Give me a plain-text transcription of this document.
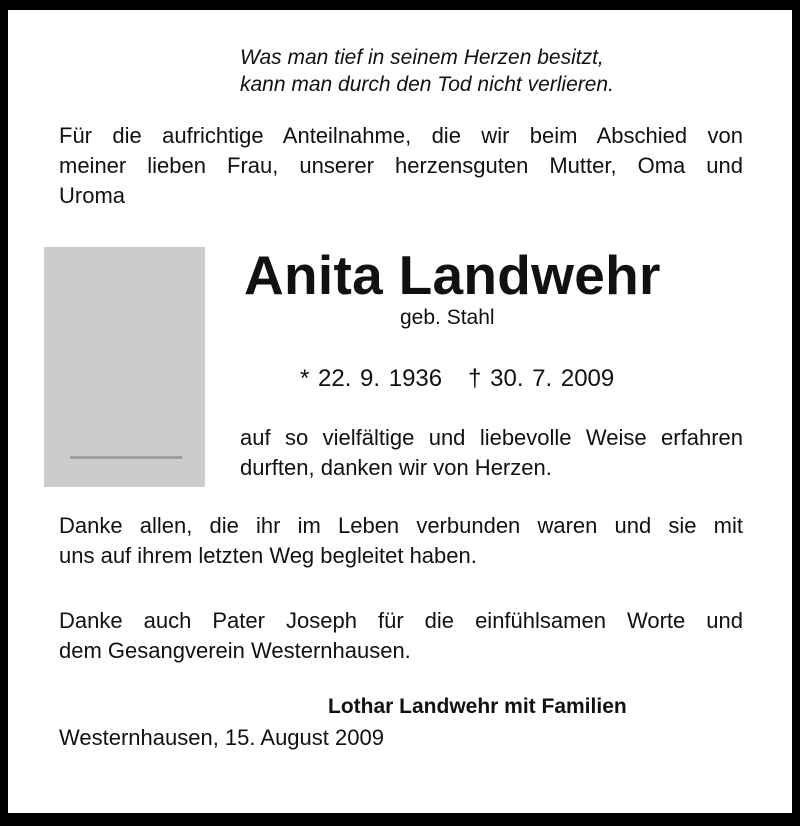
Was man tief in seinem Herzen besitzt,
kann man durch den Tod nicht verlieren.
Für die aufrichtige Anteilnahme, die wir beim Abschied von
meiner lieben Frau, unserer herzensguten Mutter, Oma und
Uroma
Anita Landwehr
geb. Stahl
* 22. 9. 1936 † 30. 7. 2009
auf so vielfältige und liebevolle Weise erfahren
durften, danken wir von Herzen.
Danke allen, die ihr im Leben verbunden waren und sie mit
uns auf ihrem letzten Weg begleitet haben.
Danke auch Pater Joseph für die einfühlsamen Worte und
dem Gesangverein Westernhausen.
Lothar Landwehr mit Familien
Westernhausen, 15. August 2009
